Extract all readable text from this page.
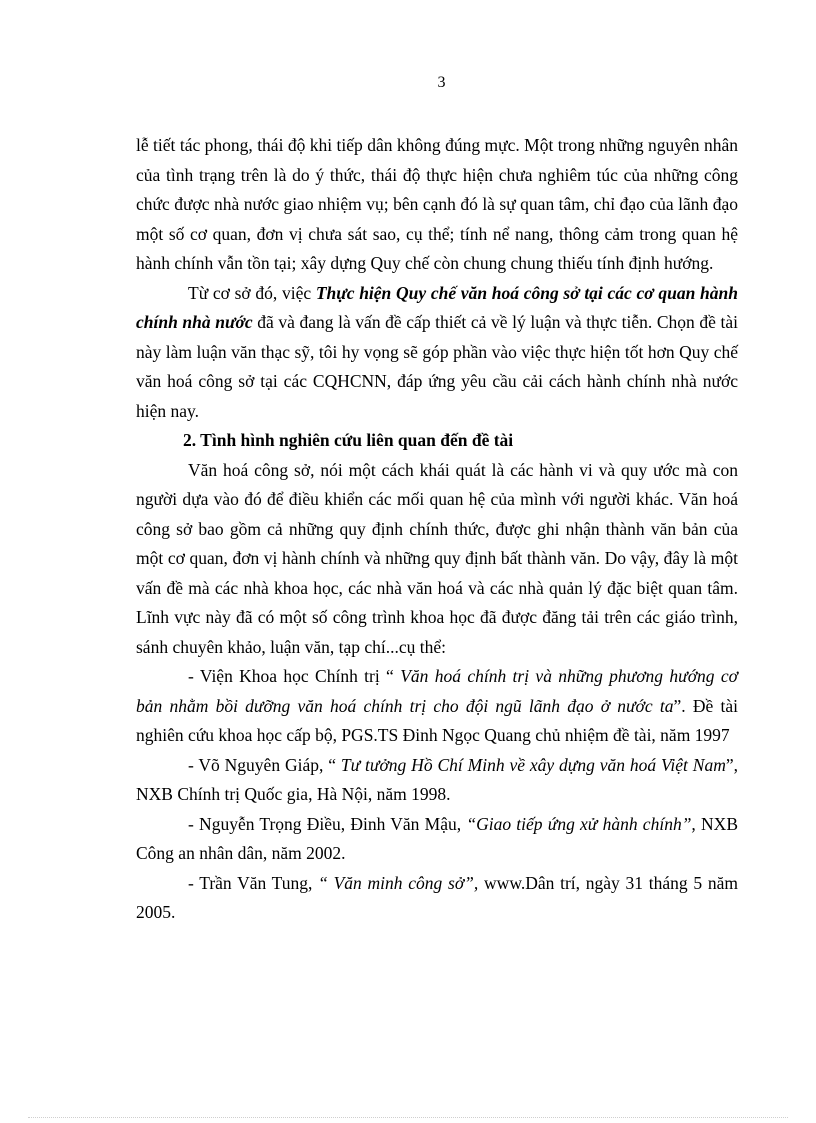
3

lễ tiết tác phong, thái độ khi tiếp dân không đúng mực. Một trong những nguyên nhân của tình trạng trên là do ý thức, thái độ thực hiện chưa nghiêm túc của những công chức được nhà nước giao nhiệm vụ; bên cạnh đó là sự quan tâm, chỉ đạo của lãnh đạo một số cơ quan, đơn vị chưa sát sao, cụ thể; tính nể nang, thông cảm trong quan hệ hành chính vẫn tồn tại; xây dựng Quy chế còn chung chung thiếu tính định hướng.

Từ cơ sở đó, việc Thực hiện Quy chế văn hoá công sở tại các cơ quan hành chính nhà nước đã và đang là vấn đề cấp thiết cả về lý luận và thực tiễn. Chọn đề tài này làm luận văn thạc sỹ, tôi hy vọng sẽ góp phần vào việc thực hiện tốt hơn Quy chế văn hoá công sở tại các CQHCNN, đáp ứng yêu cầu cải cách hành chính nhà nước hiện nay.

2. Tình hình nghiên cứu liên quan đến đề tài

Văn hoá công sở, nói một cách khái quát là các hành vi và quy ước mà con người dựa vào đó để điều khiển các mối quan hệ của mình với người khác. Văn hoá công sở bao gồm cả những quy định chính thức, được ghi nhận thành văn bản của một cơ quan, đơn vị hành chính và những quy định bất thành văn. Do vậy, đây là một vấn đề mà các nhà khoa học, các nhà văn hoá và các nhà quản lý đặc biệt quan tâm. Lĩnh vực này đã có một số công trình khoa học đã được đăng tải trên các giáo trình, sánh chuyên khảo, luận văn, tạp chí...cụ thể:

- Viện Khoa học Chính trị “ Văn hoá chính trị và những phương hướng cơ bản nhằm bồi dưỡng văn hoá chính trị cho đội ngũ lãnh đạo ở nước ta”. Đề tài nghiên cứu khoa học cấp bộ, PGS.TS Đinh Ngọc Quang chủ nhiệm đề tài, năm 1997

- Võ Nguyên Giáp, “ Tư tưởng Hồ Chí Minh về xây dựng văn hoá Việt Nam”, NXB Chính trị Quốc gia, Hà Nội, năm 1998.

- Nguyễn Trọng Điều, Đinh Văn Mậu, “Giao tiếp ứng xử hành chính”, NXB Công an nhân dân, năm 2002.

- Trần Văn Tung, “ Văn minh công sở”, www.Dân trí, ngày 31 tháng 5 năm 2005.
